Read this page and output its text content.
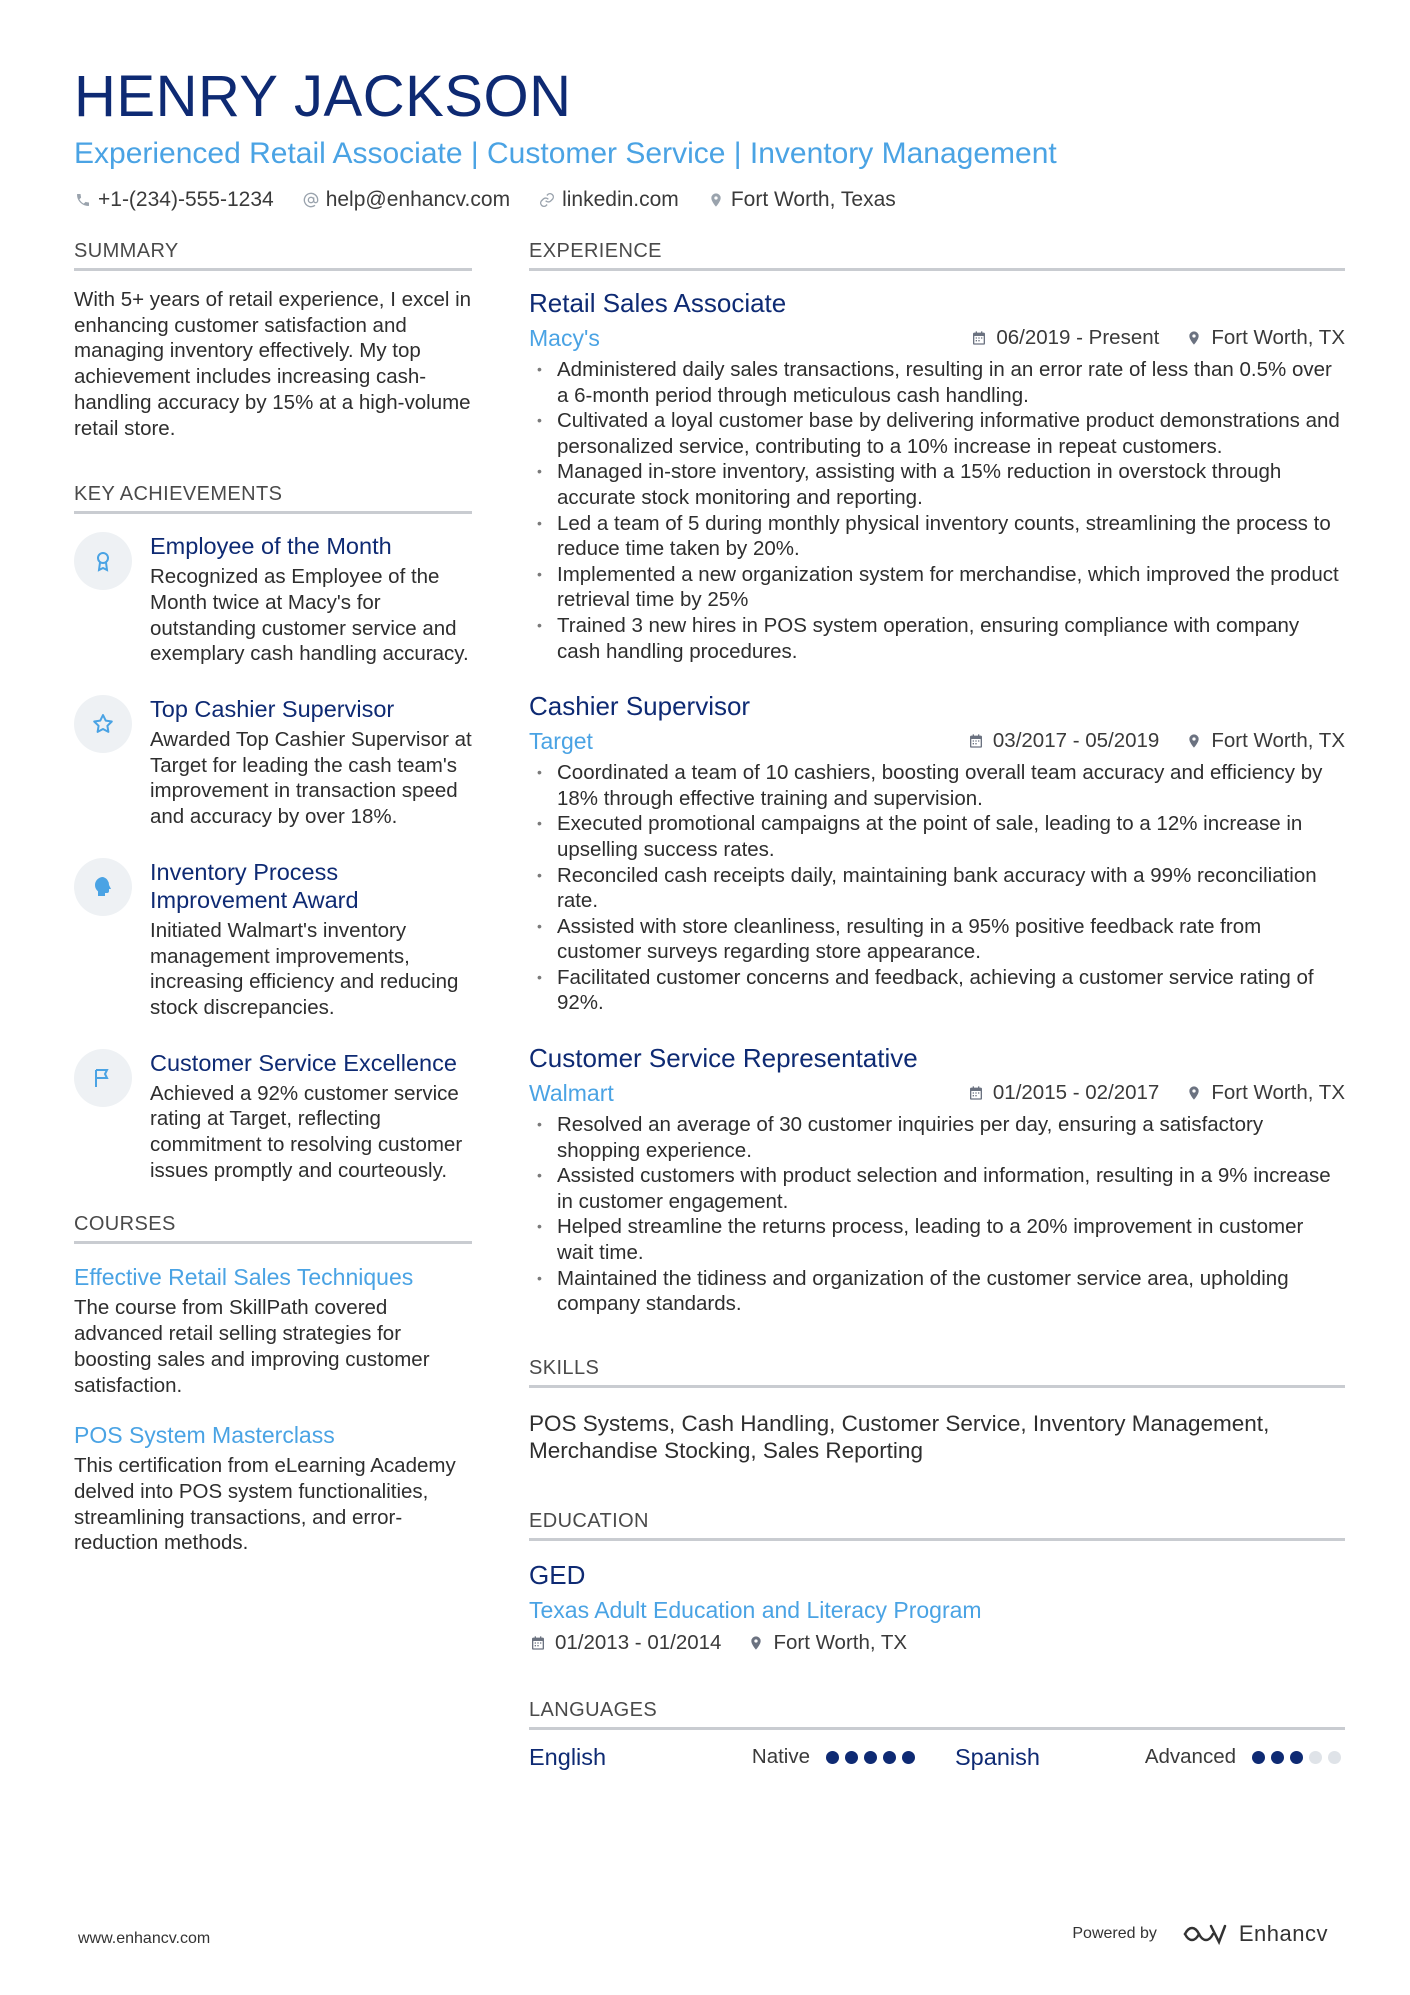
HENRY JACKSON
Experienced Retail Associate | Customer Service | Inventory Management
+1-(234)-555-1234 help@enhancv.com linkedin.com Fort Worth, Texas
SUMMARY
With 5+ years of retail experience, I excel in enhancing customer satisfaction and managing inventory effectively. My top achievement includes increasing cash-handling accuracy by 15% at a high-volume retail store.
KEY ACHIEVEMENTS
Employee of the Month
Recognized as Employee of the Month twice at Macy's for outstanding customer service and exemplary cash handling accuracy.
Top Cashier Supervisor
Awarded Top Cashier Supervisor at Target for leading the cash team's improvement in transaction speed and accuracy by over 18%.
Inventory Process Improvement Award
Initiated Walmart's inventory management improvements, increasing efficiency and reducing stock discrepancies.
Customer Service Excellence
Achieved a 92% customer service rating at Target, reflecting commitment to resolving customer issues promptly and courteously.
COURSES
Effective Retail Sales Techniques
The course from SkillPath covered advanced retail selling strategies for boosting sales and improving customer satisfaction.
POS System Masterclass
This certification from eLearning Academy delved into POS system functionalities, streamlining transactions, and error-reduction methods.
EXPERIENCE
Retail Sales Associate
Macy's	06/2019 - Present	Fort Worth, TX
• Administered daily sales transactions, resulting in an error rate of less than 0.5% over a 6-month period through meticulous cash handling.
• Cultivated a loyal customer base by delivering informative product demonstrations and personalized service, contributing to a 10% increase in repeat customers.
• Managed in-store inventory, assisting with a 15% reduction in overstock through accurate stock monitoring and reporting.
• Led a team of 5 during monthly physical inventory counts, streamlining the process to reduce time taken by 20%.
• Implemented a new organization system for merchandise, which improved the product retrieval time by 25%
• Trained 3 new hires in POS system operation, ensuring compliance with company cash handling procedures.
Cashier Supervisor
Target	03/2017 - 05/2019	Fort Worth, TX
• Coordinated a team of 10 cashiers, boosting overall team accuracy and efficiency by 18% through effective training and supervision.
• Executed promotional campaigns at the point of sale, leading to a 12% increase in upselling success rates.
• Reconciled cash receipts daily, maintaining bank accuracy with a 99% reconciliation rate.
• Assisted with store cleanliness, resulting in a 95% positive feedback rate from customer surveys regarding store appearance.
• Facilitated customer concerns and feedback, achieving a customer service rating of 92%.
Customer Service Representative
Walmart	01/2015 - 02/2017	Fort Worth, TX
• Resolved an average of 30 customer inquiries per day, ensuring a satisfactory shopping experience.
• Assisted customers with product selection and information, resulting in a 9% increase in customer engagement.
• Helped streamline the returns process, leading to a 20% improvement in customer wait time.
• Maintained the tidiness and organization of the customer service area, upholding company standards.
SKILLS
POS Systems, Cash Handling, Customer Service, Inventory Management, Merchandise Stocking, Sales Reporting
EDUCATION
GED
Texas Adult Education and Literacy Program
01/2013 - 01/2014	Fort Worth, TX
LANGUAGES
English	Native	Spanish	Advanced
www.enhancv.com	Powered by	Enhancv
